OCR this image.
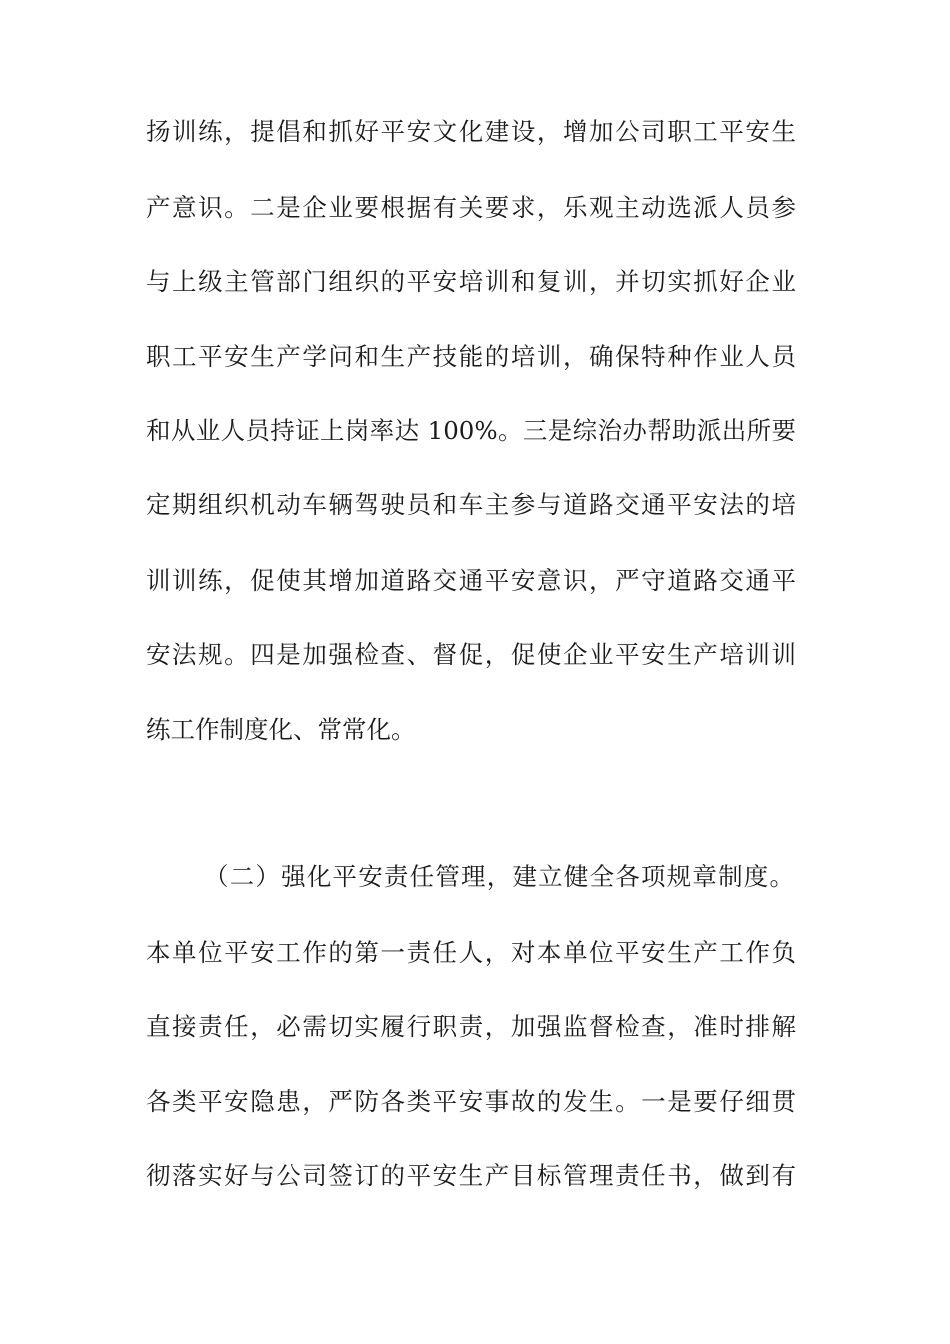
扬训练，提倡和抓好平安文化建设，增加公司职工平安生
产意识。二是企业要根据有关要求，乐观主动选派人员参
与上级主管部门组织的平安培训和复训，并切实抓好企业
职工平安生产学问和生产技能的培训，确保特种作业人员
和从业人员持证上岗率达 100%。三是综治办帮助派出所要
定期组织机动车辆驾驶员和车主参与道路交通平安法的培
训训练，促使其增加道路交通平安意识，严守道路交通平
安法规。四是加强检查、督促，促使企业平安生产培训训
练工作制度化、常常化。
（二）强化平安责任管理，建立健全各项规章制度。
本单位平安工作的第一责任人，对本单位平安生产工作负
直接责任，必需切实履行职责，加强监督检查，准时排解
各类平安隐患，严防各类平安事故的发生。一是要仔细贯
彻落实好与公司签订的平安生产目标管理责任书，做到有
